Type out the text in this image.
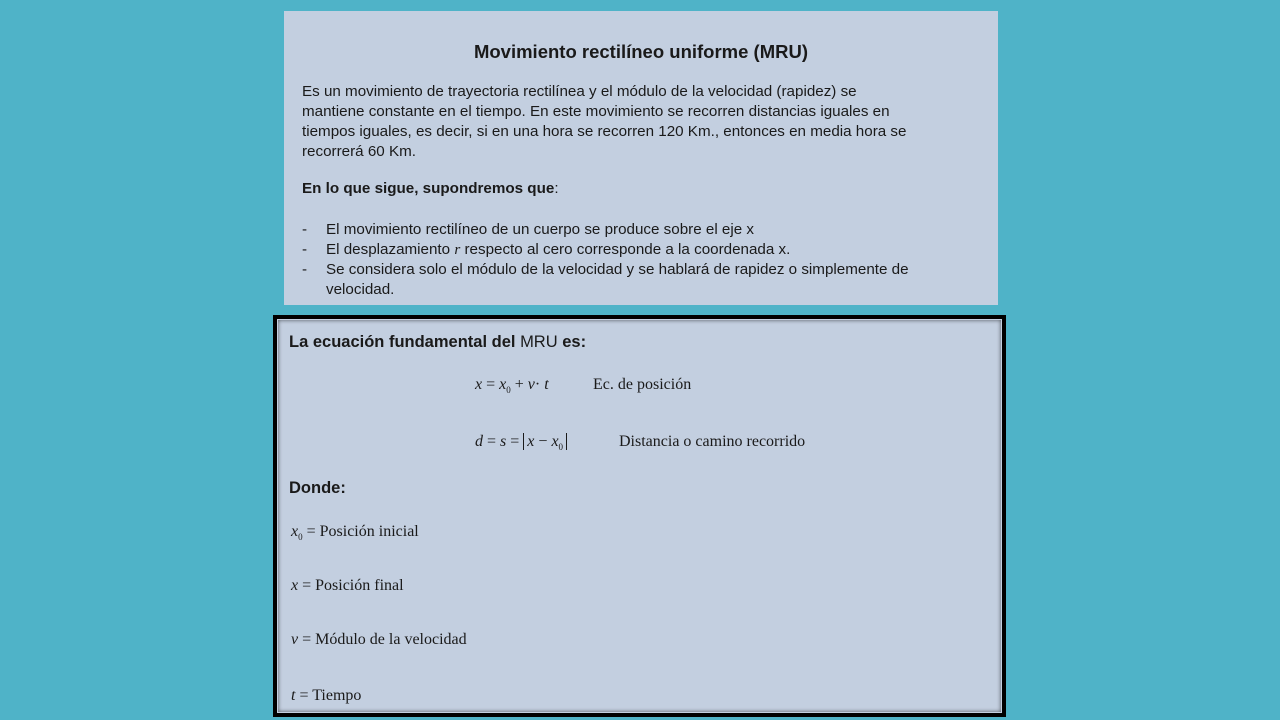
Movimiento rectilíneo uniforme (MRU)

Es un movimiento de trayectoria rectilínea y el módulo de la velocidad (rapidez) se

mantiene constante en el tiempo. En este movimiento se recorren distancias iguales en

tiempos iguales, es decir, si en una hora se recorren 120 Km., entonces en media hora se

recorrerá 60 Km.

En lo que sigue, supondremos que:
-	El movimiento rectilíneo de un cuerpo se produce sobre el eje x
-	El desplazamiento r respecto al cero corresponde a la coordenada x.
-	Se considera solo el módulo de la velocidad y se hablará de rapidez o simplemente de
velocidad.
La ecuación fundamental del MRU es:
$x = x_0 + v\cdot t$	Ec. de posición
$d = s = x - x_0$	Distancia o camino recorrido
Donde:
$x_0$ = Posición inicial
x = Posición final
v = Módulo de la velocidad
t = Tiempo
